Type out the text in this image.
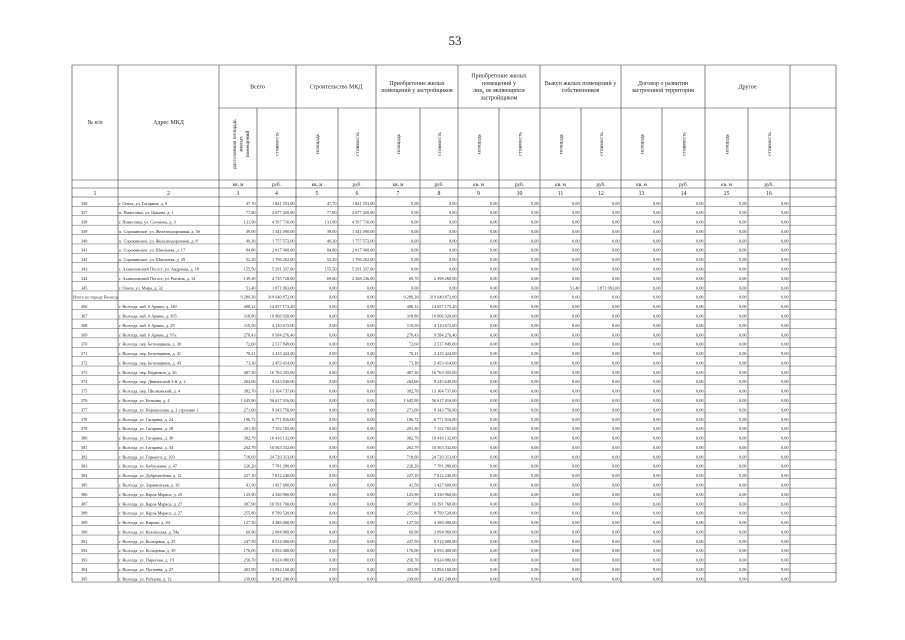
53
№ п/п	Адрес МКД
Всего	Строительство МКД
Приобретение жилых помещений у застройщиков
Приобретение жилых помещений у лиц, не являющихся застройщиком
Выкуп жилых помещений у собственников
Договор о развитии застроенной территории
Другое
расселяемая площадьжилыхпомещений	стоимость	площадь	стоимость	площадь	стоимость	площадь	стоимость	площадь	стоимость	площадь	стоимость	площадь	стоимость
кв. м	руб.	кв. м	руб.	кв. м	руб.	кв. м	руб.	кв. м	руб.	кв. м	руб.	кв. м	руб.
1	2	3	4	5	6	7	8	9	10	11	12	13	14	15	16
336	г. Онега, ул. Гагарина, д. 9	47,70	1 841 553,00	47,70	1 841 553,00	0,00	0,00	0,00	0,00	0,00	0,00	0,00	0,00	0,00	0,00
337	п. Пинеговка, ул. Цыкова, д. 1	77,80	2 677 020,00	77,80	2 677 020,00	0,00	0,00	0,00	0,00	0,00	0,00	0,00	0,00	0,00	0,00
338	г. Пинеговка, ул. Сазонова, д. 3	131,90	4 507 710,00	131,90	4 507 710,00	0,00	0,00	0,00	0,00	0,00	0,00	0,00	0,00	0,00	0,00
339	п. Сорокинское, ул. Железнодорожная, д. 3б	39,00	1 341 090,00	39,00	1 341 090,00	0,00	0,00	0,00	0,00	0,00	0,00	0,00	0,00	0,00	0,00
340	п. Сорокинское, ул. Железнодорожная, д. 8	49,30	1 757 572,00	49,30	1 757 572,00	0,00	0,00	0,00	0,00	0,00	0,00	0,00	0,00	0,00	0,00
341	п. Сорокинское, ул. Школьная, д. 17	84,80	2 917 968,00	84,80	2 917 968,00	0,00	0,00	0,00	0,00	0,00	0,00	0,00	0,00	0,00	0,00
342	п. Сорокинское, ул. Школьная, д. 29	52,20	1 796 202,00	52,20	1 796 202,00	0,00	0,00	0,00	0,00	0,00	0,00	0,00	0,00	0,00	0,00
343	г. Ахавиловский Погост, ул. Андреева, д. 18	155,50	5 291 337,00	155,50	5 291 337,00	0,00	0,00	0,00	0,00	0,00	0,00	0,00	0,00	0,00	0,00
344	г. Ахавиловский Погост, ул. Рысина, д. 14	139,30	4 735 728,00	69,60	2 368 236,00	69,70	2 398 260,00	0,00	0,00	0,00	0,00	0,00	0,00	0,00	0,00
345	г. Онега, ул. Мира, д. 32	51,40	1 871 063,00	0,00	0,00	0,00	0,00	0,00	0,00	51,40	1 871 063,00	0,00	0,00	0,00	0,00
Итого по городу Вологда	9 289,30	319 640 872,00	0,00	0,00	9 289,30	319 640 872,00	0,00	0,00	0,00	0,00	0,00	0,00	0,00	0,00
366	г. Вологда, наб. 6 Армии, д. 149	408,12	14 057 173,20	0,00	0,00	408,12	14 057 173,20	0,00	0,00	0,00	0,00	0,00	0,00	0,00	0,00
367	г. Вологда, наб. 6 Армии, д. 165	318,80	10 966 920,00	0,00	0,00	318,80	10 966 920,00	0,00	0,00	0,00	0,00	0,00	0,00	0,00	0,00
368	г. Вологда, наб. 6 Армии, д. 29	119,50	4 110 672,00	0,00	0,00	119,50	4 110 672,00	0,00	0,00	0,00	0,00	0,00	0,00	0,00	0,00
369	г. Вологда, наб. 6 Армии, д. 97а	278,43	9 584 276,40	0,00	0,00	278,43	9 584 276,40	0,00	0,00	0,00	0,00	0,00	0,00	0,00	0,00
370	г. Вологда, пер. Бетонщиков, д. 39	72,60	2 517 849,00	0,00	0,00	72,60	2 517 849,00	0,00	0,00	0,00	0,00	0,00	0,00	0,00	0,00
371	г. Вологда, пер. Бетонщиков, д. 41	70,21	2 415 424,00	0,00	0,00	70,21	2 415 424,00	0,00	0,00	0,00	0,00	0,00	0,00	0,00	0,00
372	г. Вологда, пер. Бетонщиков, д. 43	71,30	2 453 414,00	0,00	0,00	71,30	2 453 414,00	0,00	0,00	0,00	0,00	0,00	0,00	0,00	0,00
373	г. Вологда, пер. Водников, д. 26	487,30	16 763 355,00	0,00	0,00	487,30	16 763 355,00	0,00	0,00	0,00	0,00	0,00	0,00	0,00	0,00
374	г. Вологда, пер. Двинятский 3-й, д. 2	264,60	9 243 649,00	0,00	0,00	264,60	9 243 649,00	0,00	0,00	0,00	0,00	0,00	0,00	0,00	0,00
375	г. Вологда, пер. Шилковский, д. 4	382,70	13 164 737,00	0,00	0,00	382,70	13 164 737,00	0,00	0,00	0,00	0,00	0,00	0,00	0,00	0,00
376	г. Вологда, ул. Белкина, д. 4	1 645,90	56 617 416,00	0,00	0,00	1 645,90	56 617 416,00	0,00	0,00	0,00	0,00	0,00	0,00	0,00	0,00
377	г. Вологда, ул. Ворошилова, д. 2 строение 1	271,60	9 343 756,90	0,00	0,00	271,60	9 343 756,90	0,00	0,00	0,00	0,00	0,00	0,00	0,00	0,00
378	г. Вологда, ул. Гагарина, д. 24	196,72	6 771 816,00	0,00	0,00	196,72	6 771 816,00	0,00	0,00	0,00	0,00	0,00	0,00	0,00	0,00
379	г. Вологда, ул. Гагарина, д. 28	201,30	7 152 765,00	0,00	0,00	201,30	7 152 765,00	0,00	0,00	0,00	0,00	0,00	0,00	0,00	0,00
380	г. Вологда, ул. Гагарина, д. 30	302,79	10 416 132,00	0,00	0,00	302,79	10 416 132,00	0,00	0,00	0,00	0,00	0,00	0,00	0,00	0,00
381	г. Вологда, ул. Гагарина, д. 34	262,79	10 563 332,00	0,00	0,00	262,79	10 563 332,00	0,00	0,00	0,00	0,00	0,00	0,00	0,00	0,00
382	г. Вологда, ул. Горького, д. 103	718,60	24 720 313,00	0,00	0,00	718,60	24 720 313,00	0,00	0,00	0,00	0,00	0,00	0,00	0,00	0,00
383	г. Вологда, ул. Бабушкина, д. 47	226,20	7 781 280,00	0,00	0,00	226,20	7 781 280,00	0,00	0,00	0,00	0,00	0,00	0,00	0,00	0,00
384	г. Вологда, ул. Добролюбова, д. 12	227,10	7 812 240,00	0,00	0,00	227,10	7 812 240,00	0,00	0,00	0,00	0,00	0,00	0,00	0,00	0,00
385	г. Вологда, ул. Зараменская, д. 10	41,50	1 427 600,00	0,00	0,00	41,50	1 427 600,00	0,00	0,00	0,00	0,00	0,00	0,00	0,00	0,00
386	г. Вологда, ул. Карла Маркса, д. 25	125,90	4 330 960,00	0,00	0,00	125,90	4 330 960,00	0,00	0,00	0,00	0,00	0,00	0,00	0,00	0,00
387	г. Вологда, ул. Карла Маркса, д. 27	307,90	10 591 760,00	0,00	0,00	307,90	10 591 760,00	0,00	0,00	0,00	0,00	0,00	0,00	0,00	0,00
388	г. Вологда, ул. Карла Маркса, д. 27	255,80	8 799 520,00	0,00	0,00	255,80	8 799 520,00	0,00	0,00	0,00	0,00	0,00	0,00	0,00	0,00
389	г. Вологда, ул. Кирова, д. 84	127,50	4 386 000,00	0,00	0,00	127,50	4 386 000,00	0,00	0,00	0,00	0,00	0,00	0,00	0,00	0,00
390	г. Вологда, ул. Козлёнская, д. 54а	60,90	2 094 960,00	0,00	0,00	60,90	2 094 960,00	0,00	0,00	0,00	0,00	0,00	0,00	0,00	0,00
391	г. Вологда, ул. Кольцевая, д. 25	247,50	8 514 000,00	0,00	0,00	247,50	8 514 000,00	0,00	0,00	0,00	0,00	0,00	0,00	0,00	0,00
392	г. Вологда, ул. Кольцевая, д. 39	176,00	6 054 400,00	0,00	0,00	176,00	6 054 400,00	0,00	0,00	0,00	0,00	0,00	0,00	0,00	0,00
393	г. Вологда, ул. Пирогова, д. 19	250,70	8 624 080,00	0,00	0,00	250,70	8 624 080,00	0,00	0,00	0,00	0,00	0,00	0,00	0,00	0,00
394	г. Вологда, ул. Пугачёва, д. 27	403,90	13 894 160,00	0,00	0,00	403,90	13 894 160,00	0,00	0,00	0,00	0,00	0,00	0,00	0,00	0,00
395	г. Вологда, ул. Рубцова, д. 12	239,60	8 242 240,00	0,00	0,00	239,60	8 242 240,00	0,00	0,00	0,00	0,00	0,00	0,00	0,00	0,00
